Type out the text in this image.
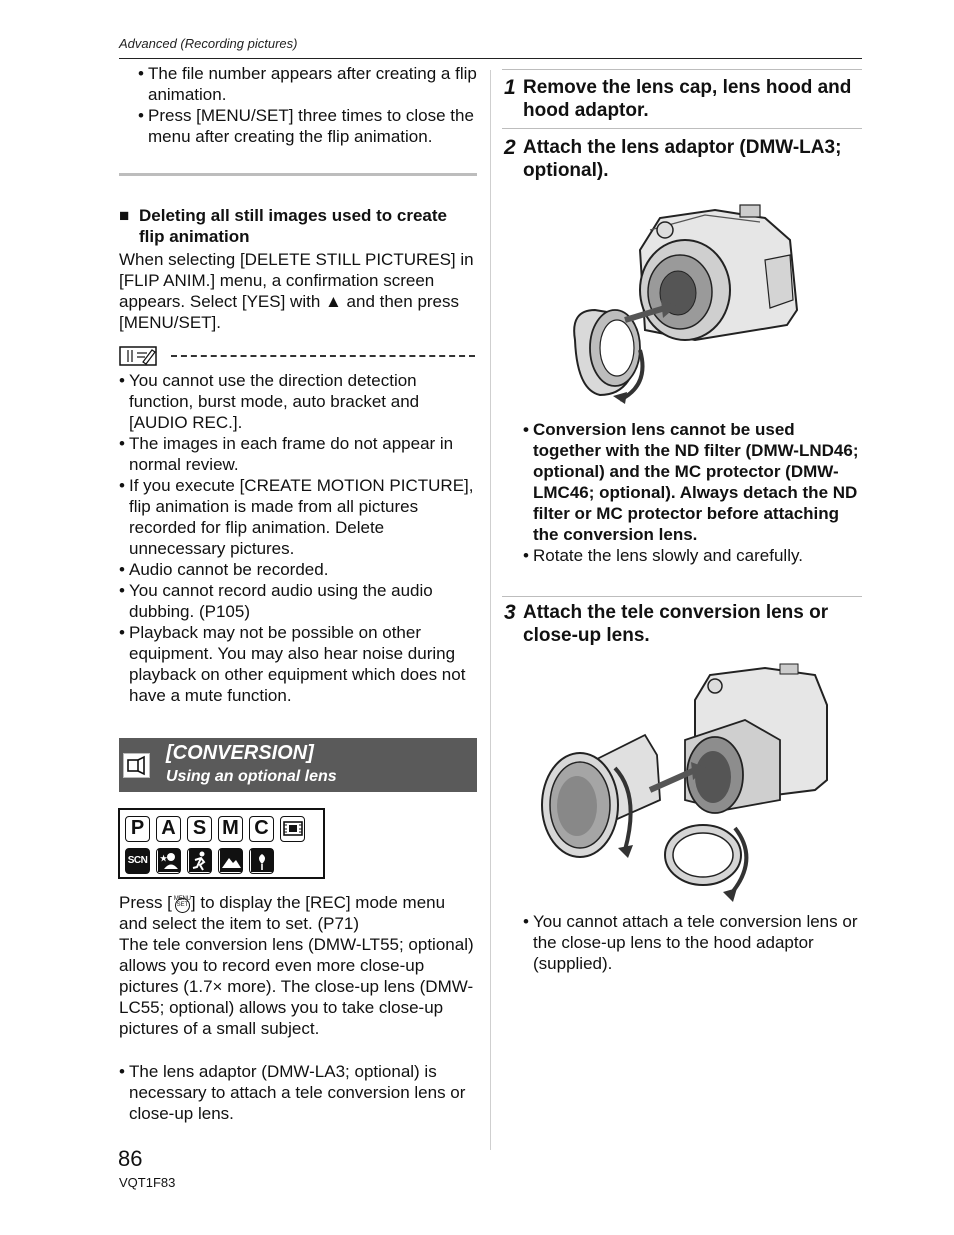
Advanced (Recording pictures)
• The file number appears after creating a flip animation.
• Press [MENU/SET] three times to close the menu after creating the flip animation.
■ Deleting all still images used to create flip animation
When selecting [DELETE STILL PICTURES] in [FLIP ANIM.] menu, a confirmation screen appears. Select [YES] with ▲ and then press [MENU/SET].
• You cannot use the direction detection function, burst mode, auto bracket and [AUDIO REC.].
• The images in each frame do not appear in normal review.
• If you execute [CREATE MOTION PICTURE], flip animation is made from all pictures recorded for flip animation. Delete unnecessary pictures.
• Audio cannot be recorded.
• You cannot record audio using the audio dubbing. (P105)
• Playback may not be possible on other equipment. You may also hear noise during playback on other equipment which does not have a mute function.
[CONVERSION]
Using an optional lens
P A S M C
SCN	★
Press [ MENU
SET ] to display the [REC] mode menu and select the item to set. (P71)
The tele conversion lens (DMW-LT55; optional) allows you to record even more close-up pictures (1.7× more). The close-up lens (DMW-LC55; optional) allows you to take close-up pictures of a small subject.
• The lens adaptor (DMW-LA3; optional) is necessary to attach a tele conversion lens or close-up lens.
86
VQT1F83
1 Remove the lens cap, lens hood and hood adaptor.
2 Attach the lens adaptor (DMW-LA3; optional).
• Conversion lens cannot be used together with the ND filter (DMW-LND46; optional) and the MC protector (DMW-LMC46; optional). Always detach the ND filter or MC protector before attaching the conversion lens.
• Rotate the lens slowly and carefully.
3 Attach the tele conversion lens or close-up lens.
• You cannot attach a tele conversion lens or the close-up lens to the hood adaptor (supplied).
